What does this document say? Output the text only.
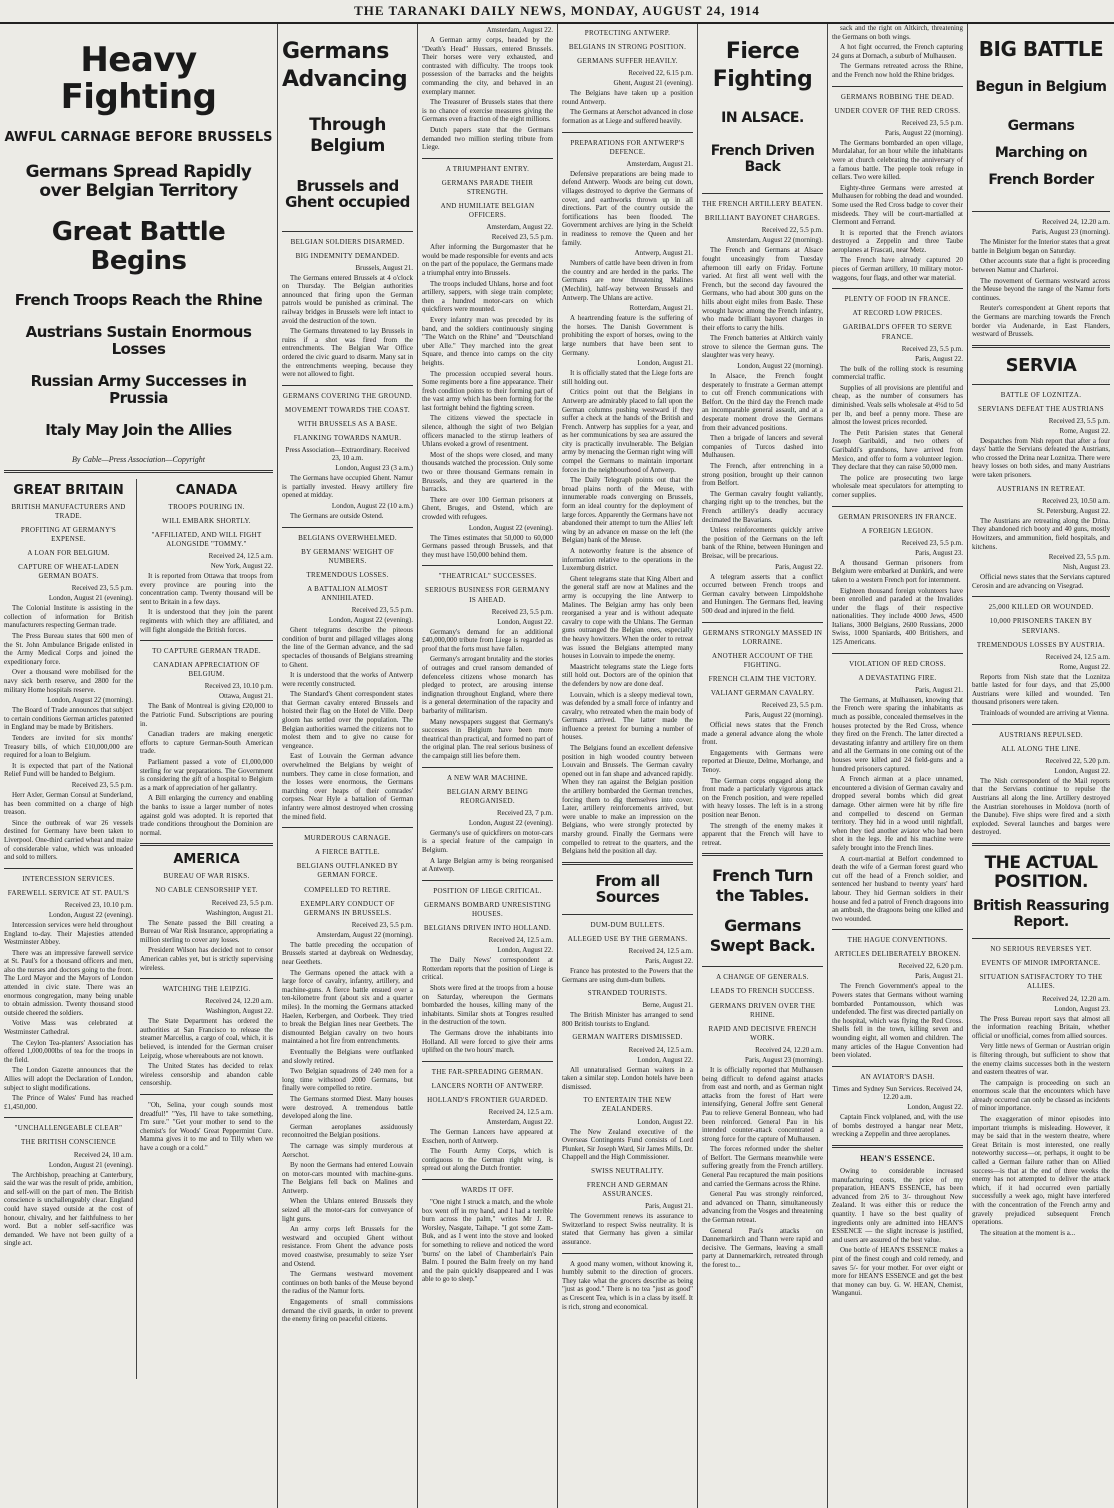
THE TARANAKI DAILY NEWS, MONDAY, AUGUST 24, 1914
Heavy Fighting
AWFUL CARNAGE BEFORE BRUSSELS
Germans Spread Rapidly over Belgian Territory
Great Battle Begins
French Troops Reach the Rhine
Austrians Sustain Enormous Losses
Russian Army Successes in Prussia
Italy May Join the Allies
By Cable—Press Association—Copyright
GREAT BRITAIN
BRITISH MANUFACTURERS AND TRADE.
PROFITING AT GERMANY'S EXPENSE.
A LOAN FOR BELGIUM.
CAPTURE OF WHEAT-LADEN GERMAN BOATS.
Received 23, 5.5 p.m.
London, August 21 (evening).

The Colonial Institute is assisting in the collection of information for British manufacturers respecting German trade.

The Press Bureau states that 600 men of the St. John Ambulance Brigade enlisted in the Army Medical Corps and joined the expeditionary force.

Over a thousand were mobilised for the navy sick berth reserve, and 2800 for the military Home hospitals reserve.

London, August 22 (morning).

The Board of Trade announces that subject to certain conditions German articles patented in England may be made by Britishers.

Tenders are invited for six months' Treasury bills, of which £10,000,000 are required for a loan to Belgium.

It is expected that part of the National Relief Fund will be handed to Belgium.

Received 23, 5.5 p.m.

Herr Axler, German Consul at Sunderland, has been committed on a charge of high treason.

Since the outbreak of war 26 vessels destined for Germany have been taken to Liverpool. One-third carried wheat and maize of considerable value, which was unloaded and sold to millers.

INTERCESSION SERVICES.
FAREWELL SERVICE AT ST. PAUL'S
Received 23, 10.10 p.m.
London, August 22 (evening).

Intercession services were held throughout England to-day. Their Majesties attended Westminster Abbey.

There was an impressive farewell service at St. Paul's for a thousand officers and men, also the nurses and doctors going to the front. The Lord Mayor and the Mayors of London attended in civic state. There was an enormous congregation, many being unable to obtain admission. Twenty thousand stood outside cheered the soldiers.

Votive Mass was celebrated at Westminster Cathedral.

The Ceylon Tea-planters' Association has offered 1,000,000lbs of tea for the troops in the field.

The London Gazette announces that the Allies will adopt the Declaration of London, subject to slight modifications.

The Prince of Wales' Fund has reached £1,450,000.

"UNCHALLENGEABLE CLEAR"
THE BRITISH CONSCIENCE
Received 24, 10 a.m.
London, August 21 (evening).

The Archbishop, preaching at Canterbury, said the war was the result of pride, ambition, and self-will on the part of men. The British conscience is unchallengeably clear. England could have stayed outside at the cost of honour, chivalry, and her faithfulness to her word. But a nobler self-sacrifice was demanded. We have not been guilty of a single act.

CANADA
TROOPS POURING IN.
WILL EMBARK SHORTLY.
"AFFILIATED, AND WILL FIGHT ALONGSIDE "TOMMY."
Received 24, 12.5 a.m.
New York, August 22.

It is reported from Ottawa that troops from every province are pouring into the concentration camp. Twenty thousand will be sent to Britain in a few days.

It is understood that they join the parent regiments with which they are affiliated, and will fight alongside the British forces.

TO CAPTURE GERMAN TRADE.
CANADIAN APPRECIATION OF BELGIUM.
Received 23, 10.10 p.m.
Ottawa, August 21.

The Bank of Montreal is giving £20,000 to the Patriotic Fund. Subscriptions are pouring in.

Canadian traders are making energetic efforts to capture German-South American trade.

Parliament passed a vote of £1,000,000 sterling for war preparations. The Government is considering the gift of a hospital to Belgium as a mark of appreciation of her gallantry.

A Bill enlarging the currency and enabling the banks to issue a larger number of notes against gold was adopted. It is reported that trade conditions throughout the Dominion are normal.

AMERICA
BUREAU OF WAR RISKS.
NO CABLE CENSORSHIP YET.
Received 23, 5.5 p.m.
Washington, August 21.

The Senate passed the Bill creating a Bureau of War Risk Insurance, appropriating a million sterling to cover any losses.

President Wilson has decided not to censor American cables yet, but is strictly supervising wireless.

WATCHING THE LEIPZIG.
Received 24, 12.20 a.m.
Washington, August 22.

The State Department has ordered the authorities at San Francisco to release the steamer Marcellus, a cargo of coal, which, it is believed, is intended for the German cruiser Leipzig, whose whereabouts are not known.

The United States has decided to relax wireless censorship and abandon cable censorship.

"Oh, Selina, your cough sounds most dreadful!" "Yes, I'll have to take something, I'm sure." "Get your mother to send to the chemist's for Woods' Great Peppermint Cure. Mamma gives it to me and to Tilly when we have a cough or a cold."

Germans Advancing
Through Belgium
Brussels and Ghent occupied
BELGIAN SOLDIERS DISARMED.
BIG INDEMNITY DEMANDED.
Brussels, August 21.

The Germans entered Brussels at 4 o'clock on Thursday. The Belgian authorities announced that firing upon the German patrols would be punished as criminal. The railway bridges in Brussels were left intact to avoid the destruction of the town.

The Germans threatened to lay Brussels in ruins if a shot was fired from the entrenchments. The Belgian War Office ordered the civic guard to disarm. Many sat in the entrenchments weeping, because they were not allowed to fight.

GERMANS COVERING THE GROUND.
MOVEMENT TOWARDS THE COAST.
WITH BRUSSELS AS A BASE.
FLANKING TOWARDS NAMUR.
Press Association—Extraordinary. Received 23, 10 a.m.
London, August 23 (3 a.m.)

The Germans have occupied Ghent. Namur is partially invested. Heavy artillery fire opened at midday.

London, August 22 (10 a.m.)

The Germans are outside Ostend.

BELGIANS OVERWHELMED.
BY GERMANS' WEIGHT OF NUMBERS.
TREMENDOUS LOSSES.
A BATTALION ALMOST ANNIHILATED.
Received 23, 5.5 p.m.
London, August 22 (evening).

Ghent telegrams describe the piteous condition of burnt and pillaged villages along the line of the German advance, and the sad spectacles of thousands of Belgians streaming to Ghent.

It is understood that the works of Antwerp were recently constructed.

The Standard's Ghent correspondent states that German cavalry entered Brussels and hoisted their flag on the Hotel de Ville. Deep gloom has settled over the population. The Belgian authorities warned the citizens not to molest them and to give no cause for vengeance.

East of Louvain the German advance overwhelmed the Belgians by weight of numbers. They came in close formation, and the losses were enormous, the Germans marching over heaps of their comrades' corpses. Near Hyle a battalion of German infantry were almost destroyed when crossing the mined field.

MURDEROUS CARNAGE.
A FIERCE BATTLE.
BELGIANS OUTFLANKED BY GERMAN FORCE.
COMPELLED TO RETIRE.
EXEMPLARY CONDUCT OF GERMANS IN BRUSSELS.
Received 23, 5.5 p.m.
Amsterdam, August 22 (morning).

The battle preceding the occupation of Brussels started at daybreak on Wednesday, near Geethets.

The Germans opened the attack with a large force of cavalry, infantry, artillery, and machine-guns. A fierce battle ensued over a ten-kilometre front (about six and a quarter miles). In the morning the Germans attacked Haelen, Kerbergen, and Oorbeek. They tried to break the Belgian lines near Geetbets. The dismounted Belgian cavalry on two hours maintained a hot fire from entrenchments.

Eventually the Belgians were outflanked and slowly retired.

Two Belgian squadrons of 240 men for a long time withstood 2000 Germans, but finally were compelled to retire.

The Germans stormed Diest. Many houses were destroyed. A tremendous battle developed along the line.

German aeroplanes assiduously reconnoitred the Belgian positions.

The carnage was simply murderous at Aerschot.

By noon the Germans had entered Louvain on motor-cars mounted with machine-guns. The Belgians fell back on Malines and Antwerp.

When the Uhlans entered Brussels they seized all the motor-cars for conveyance of light guns.

An army corps left Brussels for the westward and occupied Ghent without resistance. From Ghent the advance posts moved coastwise, presumably to seize Yser and Ostend.

The Germans westward movement continues on both banks of the Meuse beyond the radius of the Namur forts.

Engagements of small commissions demand the civil guards, in order to prevent the enemy firing on peaceful citizens.

Amsterdam, August 22.

A German army corps, headed by the "Death's Head" Hussars, entered Brussels. Their horses were very exhausted, and contrasted with difficulty. The troops took possession of the barracks and the heights commanding the city, and behaved in an exemplary manner.

The Treasurer of Brussels states that there is no chance of exercise measures giving the Germans even a fraction of the eight millions.

Dutch papers state that the Germans demanded two million sterling tribute from Liege.

A TRIUMPHANT ENTRY.
GERMANS PARADE THEIR STRENGTH.
AND HUMILIATE BELGIAN OFFICERS.
Amsterdam, August 22.
Received 23, 5.5 p.m.

After informing the Burgomaster that he would be made responsible for events and acts on the part of the populace, the Germans made a triumphal entry into Brussels.

The troops included Uhlans, horse and foot artillery, sappers, with siege train complete; then a hundred motor-cars on which quickfirers were mounted.

Every infantry man was preceded by its band, and the soldiers continuously singing "The Watch on the Rhine" and "Deutschland uber Alle." They marched into the great Square, and thence into camps on the city heights.

The procession occupied several hours. Some regiments bore a fine appearance. Their fresh condition points to their forming part of the vast army which has been forming for the last fortnight behind the fighting screen.

The citizens viewed the spectacle in silence, although the sight of two Belgian officers manacled to the stirrup leathers of Uhlans evoked a growl of resentment.

Most of the shops were closed, and many thousands watched the procession. Only some two or three thousand Germans remain in Brussels, and they are quartered in the barracks.

There are over 100 German prisoners at Ghent, Bruges, and Ostend, which are crowded with refugees.

London, August 22 (evening).

The Times estimates that 50,000 to 60,000 Germans passed through Brussels, and that they must have 150,000 behind them.

"THEATRICAL" SUCCESSES.
SERIOUS BUSINESS FOR GERMANY IS AHEAD.
Received 23, 5.5 p.m.
London, August 22.

Germany's demand for an additional £40,000,000 tribute from Liege is regarded as proof that the forts must have fallen.

Germany's arrogant brutality and the stories of outrages and cruel ransom demanded of defenceless citizens whose monarch has pledged to protect, are arousing intense indignation throughout England, where there is a general determination of the rapacity and barbarity of militarism.

Many newspapers suggest that Germany's successes in Belgium have been more theatrical than practical, and formed no part of the original plan. The real serious business of the campaign still lies before them.

A NEW WAR MACHINE.
BELGIAN ARMY BEING REORGANISED.
Received 23, 7 p.m.
London, August 22 (evening).

Germany's use of quickfirers on motor-cars is a special feature of the campaign in Belgium.

A large Belgian army is being reorganised at Antwerp.

POSITION OF LIEGE CRITICAL.
GERMANS BOMBARD UNRESISTING HOUSES.
BELGIANS DRIVEN INTO HOLLAND.
Received 24, 12.5 a.m.
London, August 22.

The Daily News' correspondent at Rotterdam reports that the position of Liege is critical.

Shots were fired at the troops from a house on Saturday, whereupon the Germans bombarded the houses, killing many of the inhabitants. Similar shots at Tongres resulted in the destruction of the town.

The Germans drove the inhabitants into Holland. All were forced to give their arms uplifted on the two hours' march.

THE FAR-SPREADING GERMAN.
LANCERS NORTH OF ANTWERP.
HOLLAND'S FRONTIER GUARDED.
Received 24, 12.5 a.m.
Amsterdam, August 22.

The German Lancers have appeared at Esschen, north of Antwerp.

The Fourth Army Corps, which is contiguous to the German right wing, is spread out along the Dutch frontier.

WARDS IT OFF.

"One night I struck a match, and the whole box went off in my hand, and I had a terrible burn across the palm," writes Mr J. R. Worsley, Nasgate, Taihape. "I got some Zam-Buk, and as I went into the stove and looked for something to relieve and noticed the word 'burns' on the label of Chamberlain's Pain Balm. I poured the Balm freely on my hand and the pain quickly disappeared and I was able to go to sleep."

PROTECTING ANTWERP.
BELGIANS IN STRONG POSITION.
GERMANS SUFFER HEAVILY.
Received 22, 6.15 p.m.
Ghent, August 21 (evening).

The Belgians have taken up a position round Antwerp.

The Germans at Aerschot advanced in close formation as at Liege and suffered heavily.

PREPARATIONS FOR ANTWERP'S DEFENCE.
Amsterdam, August 21.

Defensive preparations are being made to defend Antwerp. Woods are being cut down, villages destroyed to deprive the Germans of cover, and earthworks thrown up in all directions. Part of the country outside the fortifications has been flooded. The Government archives are lying in the Scheldt in readiness to remove the Queen and her family.

Antwerp, August 21.

Numbers of cattle have been driven in from the country and are herded in the parks. The Germans are now threatening Malines (Mechlin), half-way between Brussels and Antwerp. The Uhlans are active.

Rotterdam, August 21.

A heartrending feature is the suffering of the horses. The Danish Government is prohibiting the export of horses, owing to the large numbers that have been sent to Germany.

London, August 21.

It is officially stated that the Liege forts are still holding out.

Critics point out that the Belgians in Antwerp are admirably placed to fall upon the German columns pushing westward if they suffer a check at the hands of the British and French. Antwerp has supplies for a year, and as her communications by sea are assured the city is practically invulnerable. The Belgian army by menacing the German right wing will compel the Germans to maintain important forces in the neighbourhood of Antwerp.

The Daily Telegraph points out that the broad plains north of the Meuse, with innumerable roads converging on Brussels, form an ideal country for the deployment of large forces. Apparently the Germans have not abandoned their attempt to turn the Allies' left wing by an advance en masse on the left (the Belgian) bank of the Meuse.

A noteworthy feature is the absence of information relative to the operations in the Luxemburg district.

Ghent telegrams state that King Albert and the general staff are now at Malines and the army is occupying the line Antwerp to Malines. The Belgian army has only been reorganised a year and is without adequate cavalry to cope with the Uhlans. The German guns outranged the Belgian ones, especially the heavy howitzers. When the order to retreat was issued the Belgians attempted many houses in Louvain to impede the enemy.

Maastricht telegrams state the Liege forts still hold out. Doctors are of the opinion that the defenders by now are done deaf.

Louvain, which is a sleepy medieval town, was defended by a small force of infantry and cavalry, who retreated when the main body of Germans arrived. The latter made the influence a pretext for burning a number of houses.

The Belgians found an excellent defensive position in high wooded country between Louvain and Brussels. The German cavalry opened out in fan shape and advanced rapidly. When they ran against the Belgian position the artillery bombarded the German trenches, forcing them to dig themselves into cover. Later, artillery reinforcements arrived, but were unable to make an impression on the Belgians, who were strongly protected by marshy ground. Finally the Germans were compelled to retreat to the quarters, and the Belgians held the position all day.

From all Sources
DUM-DUM BULLETS.
ALLEGED USE BY THE GERMANS.
Received 24, 12.5 a.m.
Paris, August 22.

France has protested to the Powers that the Germans are using dum-dum bullets.

STRANDED TOURISTS.
Berne, August 21.

The British Minister has arranged to send 800 British tourists to England.

GERMAN WAITERS DISMISSED.
Received 24, 12.5 a.m.
London, August 22.

All unnaturalised German waiters in a taken a similar step. London hotels have been dismissed.

TO ENTERTAIN THE NEW ZEALANDERS.
London, August 22.

The New Zealand executive of the Overseas Contingents Fund consists of Lord Plunket, Sir Joseph Ward, Sir James Mills, Dr. Chappell and the High Commissioner.

SWISS NEUTRALITY.
FRENCH AND GERMAN ASSURANCES.
Paris, August 21.

The Government renews its assurance to Switzerland to respect Swiss neutrality. It is stated that Germany has given a similar assurance.

A good many women, without knowing it, humbly submit to the direction of grocers. They take what the grocers describe as being "just as good." There is no tea "just as good" as Crescent Tea, which is in a class by itself. It is rich, strong and economical.

Fierce Fighting
IN ALSACE.
French Driven Back
THE FRENCH ARTILLERY BEATEN.
BRILLIANT BAYONET CHARGES.
Received 22, 5.5 p.m.
Amsterdam, August 22 (morning).

The French and Germans at Alsace fought unceasingly from Tuesday afternoon till early on Friday. Fortune varied. At first all went well with the French, but the second day favoured the Germans, who had about 300 guns on the hills about eight miles from Basle. These wrought havoc among the French infantry, who made brilliant bayonet charges in their efforts to carry the hills.

The French batteries at Altkirch vainly strove to silence the German guns. The slaughter was very heavy.

London, August 22 (morning).

In Alsace, the French fought desperately to frustrate a German attempt to cut off French communications with Belfort. On the third day the French made an incomparable general assault, and at a desperate moment drove the Germans from their advanced positions.

Then a brigade of lancers and several companies of Turcos dashed into Mulhausen.

The French, after entrenching in a strong position, brought up their cannon from Belfort.

The German cavalry fought valiantly, charging right up to the trenches, but the French artillery's deadly accuracy decimated the Bavarians.

Unless reinforcements quickly arrive the position of the Germans on the left bank of the Rhine, between Huningen and Breisac, will be precarious.

Paris, August 22.

A telegram asserts that a conflict occurred between French troops and German cavalry between Limpoldshohe and Huningen. The Germans fled, leaving 500 dead and injured in the field.

GERMANS STRONGLY MASSED IN LORRAINE.
ANOTHER ACCOUNT OF THE FIGHTING.
FRENCH CLAIM THE VICTORY.
VALIANT GERMAN CAVALRY.
Received 23, 5.5 p.m.
Paris, August 22 (morning).

Official news states that the French made a general advance along the whole front.

Engagements with Germans were reported at Dieuze, Delme, Morhange, and Tenoy.

The German corps engaged along the front made a particularly vigorous attack on the French position, and were repelled with heavy losses. The left is in a strong position near Benon.

The strength of the enemy makes it apparent that the French will have to retreat.

French Turn the Tables.
Germans Swept Back.
A CHANGE OF GENERALS.
LEADS TO FRENCH SUCCESS.
GERMANS DRIVEN OVER THE RHINE.
RAPID AND DECISIVE FRENCH WORK.
Received 24, 12.20 a.m.
Paris, August 23 (morning).

It is officially reported that Mulhausen being difficult to defend against attacks from east and north, and as German night attacks from the forest of Hart were intensifying, General Joffre sent General Pau to relieve General Bonneau, who had been reinforced. General Pau in his intended counter-attack concentrated a strong force for the capture of Mulhausen.

The forces reformed under the shelter of Belfort. The Germans meanwhile were suffering greatly from the French artillery. General Pau recaptured the main positions and carried the Germans across the Rhine.

General Pau was strongly reinforced, and advanced on Thann, simultaneously advancing from the Vosges and threatening the German retreat.

General Pau's attacks on Dannemarkirch and Thann were rapid and decisive. The Germans, leaving a small party at Dannemarkirch, retreated through the forest to...

sack and the right on Altkirch, threatening the Germans on both wings.

A hot fight occurred, the French capturing 24 guns at Dornach, a suburb of Mulhausen.

The Germans retreated across the Rhine, and the French now hold the Rhine bridges.

GERMANS ROBBING THE DEAD.
UNDER COVER OF THE RED CROSS.
Received 23, 5.5 p.m.
Paris, August 22 (morning).

The Germans bombarded an open village, Murdalahar, for an hour while the inhabitants were at church celebrating the anniversary of a famous battle. The people took refuge in cellars. Two were killed.

Eighty-three Germans were arrested at Mulhausen for robbing the dead and wounded. Some used the Red Cross badge to cover their misdeeds. They will be court-martialled at Clermont and Ferrand.

It is reported that the French aviators destroyed a Zeppelin and three Taube aeroplanes at Frascati, near Metz.

The French have already captured 20 pieces of German artillery, 10 military motor-waggons, four flags, and other war material.

PLENTY OF FOOD IN FRANCE.
AT RECORD LOW PRICES.
GARIBALDI'S OFFER TO SERVE FRANCE.
Received 23, 5.5 p.m.
Paris, August 22.

The bulk of the rolling stock is resuming commercial traffic.

Supplies of all provisions are plentiful and cheap, as the number of consumers has diminished. Veals sells wholesale at 4½d to 5d per lb, and beef a penny more. These are almost the lowest prices recorded.

The Petit Parisien states that General Joseph Garibaldi, and two others of Garibaldi's grandsons, have arrived from Mexico, and offer to form a volunteer legion. They declare that they can raise 50,000 men.

The police are prosecuting two large wholesale meat speculators for attempting to corner supplies.

GERMAN PRISONERS IN FRANCE.
A FOREIGN LEGION.
Received 23, 5.5 p.m.
Paris, August 23.

A thousand German prisoners from Belgium were embarked at Dunkirk, and were taken to a western French port for internment.

Eighteen thousand foreign volunteers have been enrolled and paraded at the Invalides under the flags of their respective nationalities. They include 4000 Jews, 4500 Italians, 3000 Belgians, 2600 Russians, 2000 Swiss, 1000 Spaniards, 400 Britishers, and 125 Americans.

VIOLATION OF RED CROSS.
A DEVASTATING FIRE.
Paris, August 21.

The Germans, at Mulhausen, knowing that the French were sparing the inhabitants as much as possible, concealed themselves in the houses protected by the Red Cross, whence they fired on the French. The latter directed a devastating infantry and artillery fire on them and all the Germans in one coming out of the houses were killed and 24 field-guns and a hundred prisoners captured.

A French airman at a place unnamed, encountered a division of German cavalry and dropped several bombs which did great damage. Other airmen were hit by rifle fire and compelled to descend on German territory. They hid in a wood until nightfall, when they tied another aviator who had been shot in the legs. He and his machine were safely brought into the French lines.

A court-martial at Belfort condemned to death the wife of a German forest guard who cut off the head of a French soldier, and sentenced her husband to twenty years' hard labour. They hid German soldiers in their house and fed a patrol of French dragoons into an ambush, the dragoons being one killed and two wounded.

THE HAGUE CONVENTIONS.
ARTICLES DELIBERATELY BROKEN.
Received 22, 6.20 p.m.
Paris, August 21.

The French Government's appeal to the Powers states that Germans without warning bombarded Pontamousson, which was undefended. The first was directed partially on the hospital, which was flying the Red Cross. Shells fell in the town, killing seven and wounding eight, all women and children. The many articles of the Hague Convention had been violated.

AN AVIATOR'S DASH.
Times and Sydney Sun Services. Received 24, 12.20 a.m.
London, August 22.

Captain Finck volplaned, and, with the use of bombs destroyed a hangar near Metz, wrecking a Zeppelin and three aeroplanes.

HEAN'S ESSENCE.

Owing to considerable increased manufacturing costs, the price of my preparation, HEAN'S ESSENCE, has been advanced from 2/6 to 3/- throughout New Zealand. It was either this or reduce the quantity. I have so the best quality of ingredients only are admitted into HEAN'S ESSENCE — the slight increase is justified, and users are assured of the best value.

One bottle of HEAN'S ESSENCE makes a pint of the finest cough and cold remedy, and saves 5/- for your mother. For over eight or more for HEAN'S ESSENCE and get the best that money can buy. G. W. HEAN, Chemist, Wanganui.

BIG BATTLE
Begun in Belgium
Germans Marching on French Border
Received 24, 12.20 a.m.
Paris, August 23 (morning).

The Minister for the Interior states that a great battle in Belgium began on Saturday.

Other accounts state that a fight is proceeding between Namur and Charleroi.

The movement of Germans westward across the Meuse beyond the range of the Namur forts continues.

Reuter's correspondent at Ghent reports that the Germans are marching towards the French border via Audenarde, in East Flanders, westward of Brussels.

SERVIA
BATTLE OF LOZNITZA.
SERVIANS DEFEAT THE AUSTRIANS
Received 23, 5.5 p.m.
Rome, August 22.

Despatches from Nish report that after a four days' battle the Servians defeated the Austrians, who crossed the Drina near Loznitza. There were heavy losses on both sides, and many Austrians were taken prisoners.

AUSTRIANS IN RETREAT.
Received 23, 10.50 a.m.
St. Petersburg, August 22.

The Austrians are retreating along the Drina. They abandoned rich booty and 40 guns, mostly Howitzers, and ammunition, field hospitals, and kitchens.

Received 23, 5.5 p.m.
Nish, August 23.

Official news states that the Servians captured Cerosin and are advancing on Visegrad.

25,000 KILLED OR WOUNDED.
10,000 PRISONERS TAKEN BY SERVIANS.
TREMENDOUS LOSSES BY AUSTRIA.
Received 24, 12.5 a.m.
Rome, August 22.

Reports from Nish state that the Loznitza battle lasted for four days, and that 25,000 Austrians were killed and wounded. Ten thousand prisoners were taken.

Trainloads of wounded are arriving at Vienna.

AUSTRIANS REPULSED.
ALL ALONG THE LINE.
Received 22, 5.20 p.m.
London, August 22.

The Nish correspondent of the Mail reports that the Servians continue to repulse the Austrians all along the line. Artillery destroyed the Austrian storehouses in Moldova (north of the Danube). Five ships were fired and a sixth exploded. Several launches and barges were destroyed.

THE ACTUAL POSITION.
British Reassuring Report.
NO SERIOUS REVERSES YET.
EVENTS OF MINOR IMPORTANCE.
SITUATION SATISFACTORY TO THE ALLIES.
Received 24, 12.20 a.m.
London, August 23.

The Press Bureau report says that almost all the information reaching Britain, whether official or unofficial, comes from allied sources.

Very little news of German or Austrian origin is filtering through, but sufficient to show that the enemy claims successes both in the western and eastern theatres of war.

The campaign is proceeding on such an enormous scale that the encounters which have already occurred can only be classed as incidents of minor importance.

The exaggeration of minor episodes into important triumphs is misleading. However, it may be said that in the western theatre, where Great Britain is most interested, one really noteworthy success—or, perhaps, it ought to be called a German failure rather than on Allied success—is that at the end of three weeks the enemy has not attempted to deliver the attack which, if it had occurred even partially successfully a week ago, might have interfered with the concentration of the French army and gravely prejudiced subsequent French operations.

The situation at the moment is a...
